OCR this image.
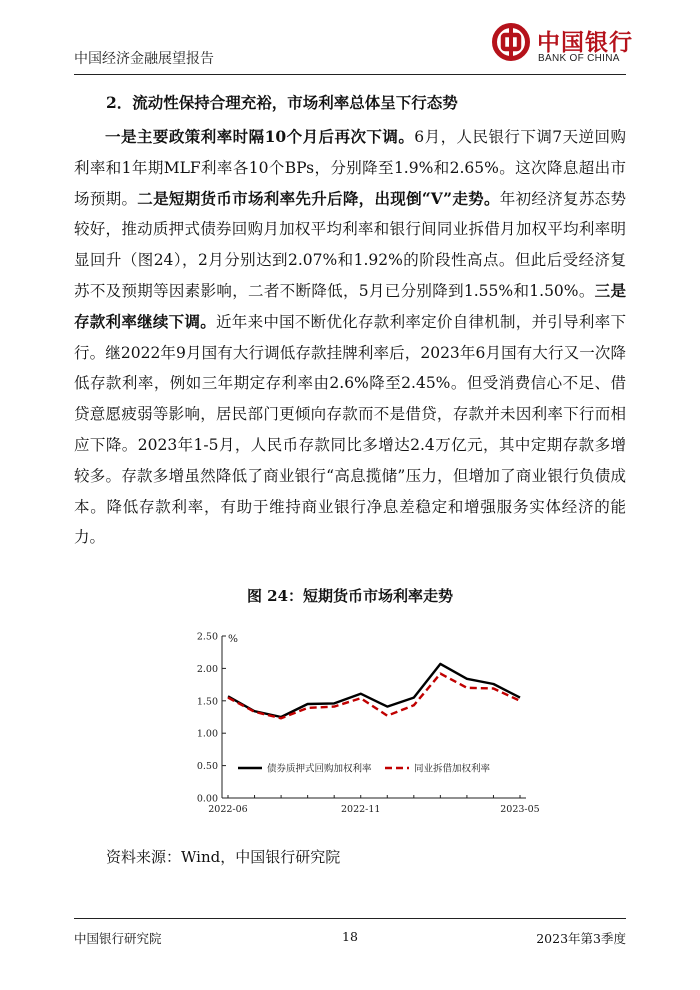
中国经济金融展望报告
中国银行
BANK OF CHINA

2．流动性保持合理充裕，市场利率总体呈下行态势

一是主要政策利率时隔10个月后再次下调。6月，人民银行下调7天逆回购利率和1年期MLF利率各10个BPs，分别降至1.9%和2.65%。这次降息超出市场预期。二是短期货币市场利率先升后降，出现倒“V”走势。年初经济复苏态势较好，推动质押式债券回购月加权平均利率和银行间同业拆借月加权平均利率明显回升（图24），2月分别达到2.07%和1.92%的阶段性高点。但此后受经济复苏不及预期等因素影响，二者不断降低，5月已分别降到1.55%和1.50%。三是存款利率继续下调。近年来中国不断优化存款利率定价自律机制，并引导利率下行。继2022年9月国有大行调低存款挂牌利率后，2023年6月国有大行又一次降低存款利率，例如三年期定存利率由2.6%降至2.45%。但受消费信心不足、借贷意愿疲弱等影响，居民部门更倾向存款而不是借贷，存款并未因利率下行而相应下降。2023年1-5月，人民币存款同比多增达2.4万亿元，其中定期存款多增较多。存款多增虽然降低了商业银行“高息揽储”压力，但增加了商业银行负债成本。降低存款利率，有助于维持商业银行净息差稳定和增强服务实体经济的能力。

图 24：短期货币市场利率走势
0.00
0.50
1.00
1.50
2.00
2.50 %
2022-06	2022-11	2023-05
债券质押式回购加权利率	同业拆借加权利率
资料来源：Wind，中国银行研究院
中国银行研究院	18	2023年第3季度
